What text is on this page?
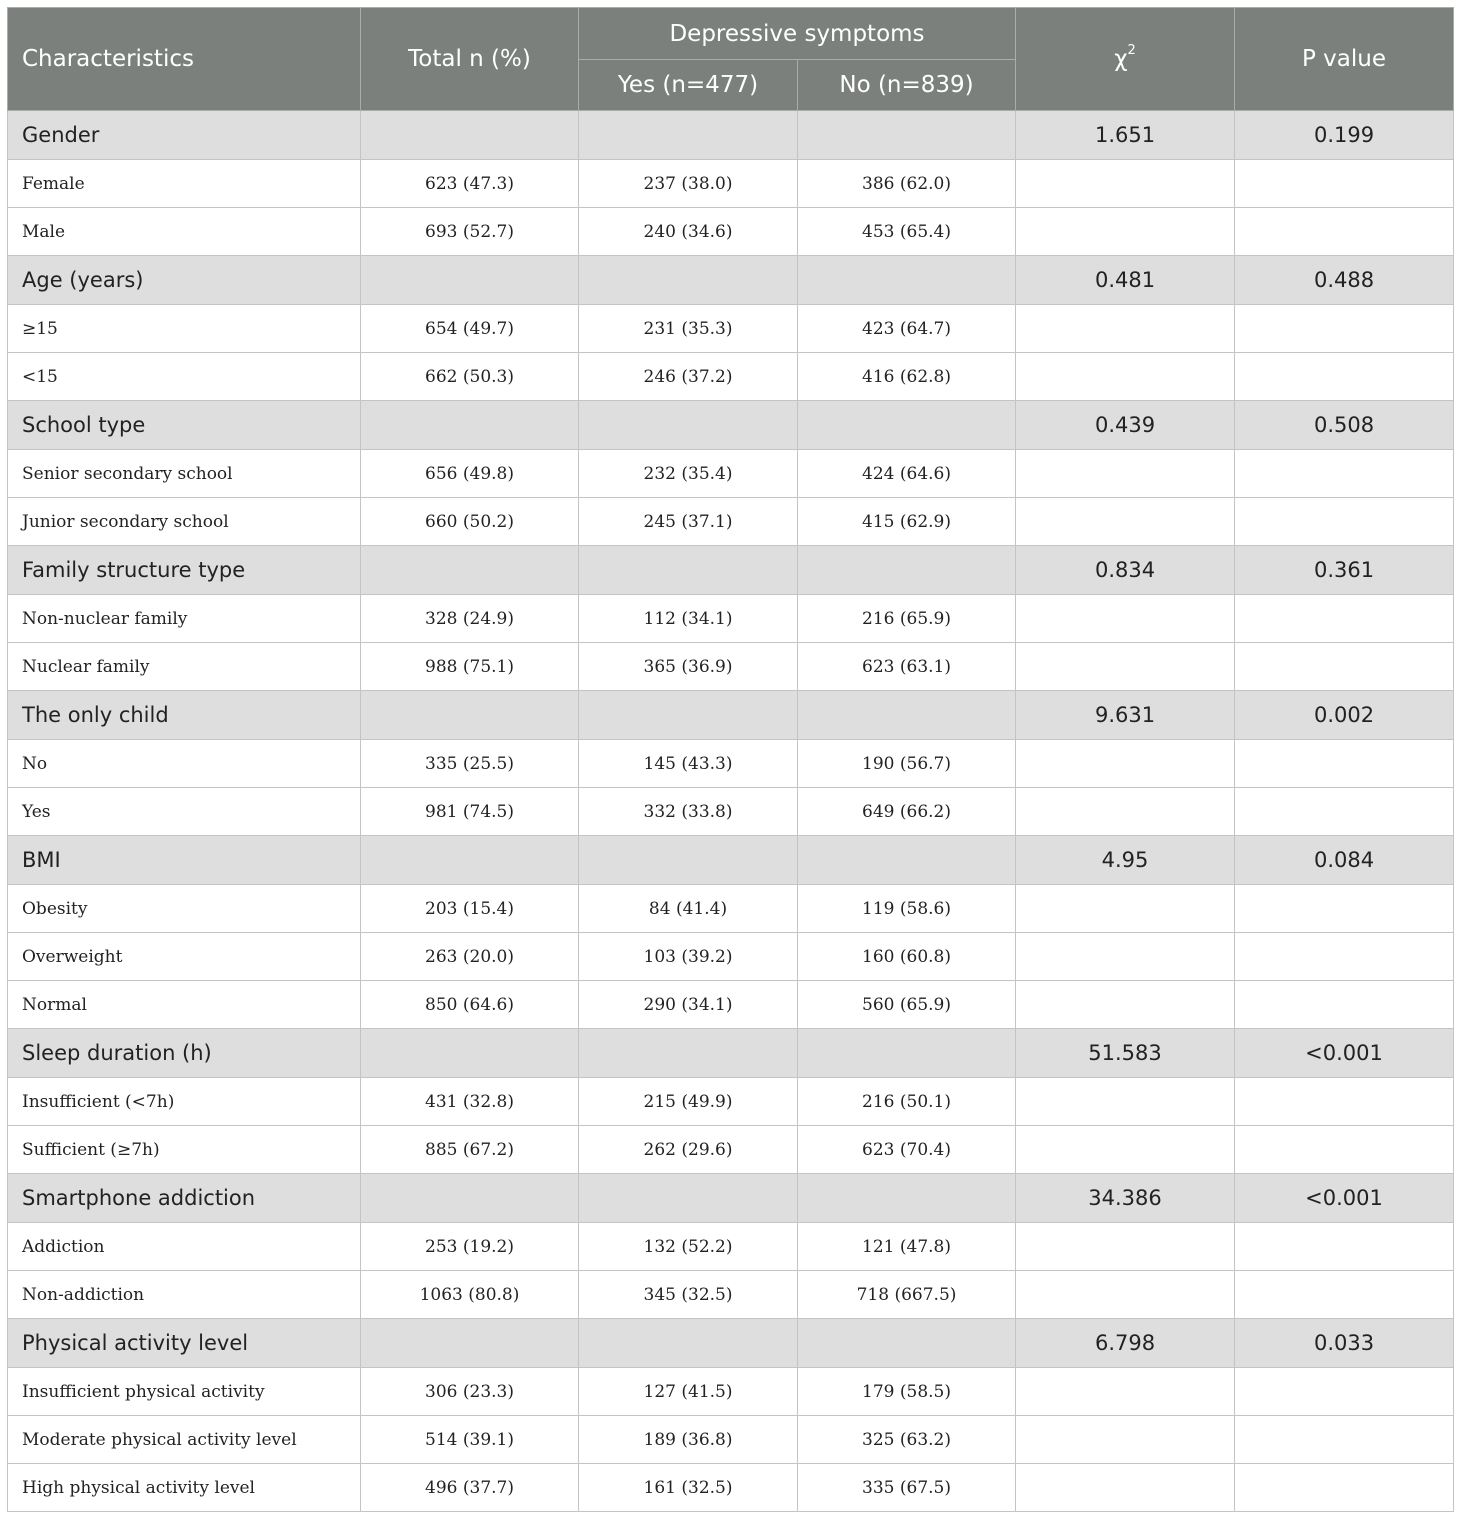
Characteristics	Total n (%)	Depressive symptoms		$\chi^2$	P value
		Yes (n=477)	No (n=839)		
Gender				1.651	0.199
Female	623 (47.3)	237 (38.0)	386 (62.0)		
Male	693 (52.7)	240 (34.6)	453 (65.4)		
Age (years)				0.481	0.488
≥15	654 (49.7)	231 (35.3)	423 (64.7)		
<15	662 (50.3)	246 (37.2)	416 (62.8)		
School type				0.439	0.508
Senior secondary school	656 (49.8)	232 (35.4)	424 (64.6)		
Junior secondary school	660 (50.2)	245 (37.1)	415 (62.9)		
Family structure type				0.834	0.361
Non-nuclear family	328 (24.9)	112 (34.1)	216 (65.9)		
Nuclear family	988 (75.1)	365 (36.9)	623 (63.1)		
The only child				9.631	0.002
No	335 (25.5)	145 (43.3)	190 (56.7)		
Yes	981 (74.5)	332 (33.8)	649 (66.2)		
BMI				4.95	0.084
Obesity	203 (15.4)	84 (41.4)	119 (58.6)		
Overweight	263 (20.0)	103 (39.2)	160 (60.8)		
Normal	850 (64.6)	290 (34.1)	560 (65.9)		
Sleep duration (h)				51.583	<0.001
Insufficient (<7h)	431 (32.8)	215 (49.9)	216 (50.1)		
Sufficient (≥7h)	885 (67.2)	262 (29.6)	623 (70.4)		
Smartphone addiction				34.386	<0.001
Addiction	253 (19.2)	132 (52.2)	121 (47.8)		
Non-addiction	1063 (80.8)	345 (32.5)	718 (667.5)		
Physical activity level				6.798	0.033
Insufficient physical activity	306 (23.3)	127 (41.5)	179 (58.5)		
Moderate physical activity level	514 (39.1)	189 (36.8)	325 (63.2)		
High physical activity level	496 (37.7)	161 (32.5)	335 (67.5)		
